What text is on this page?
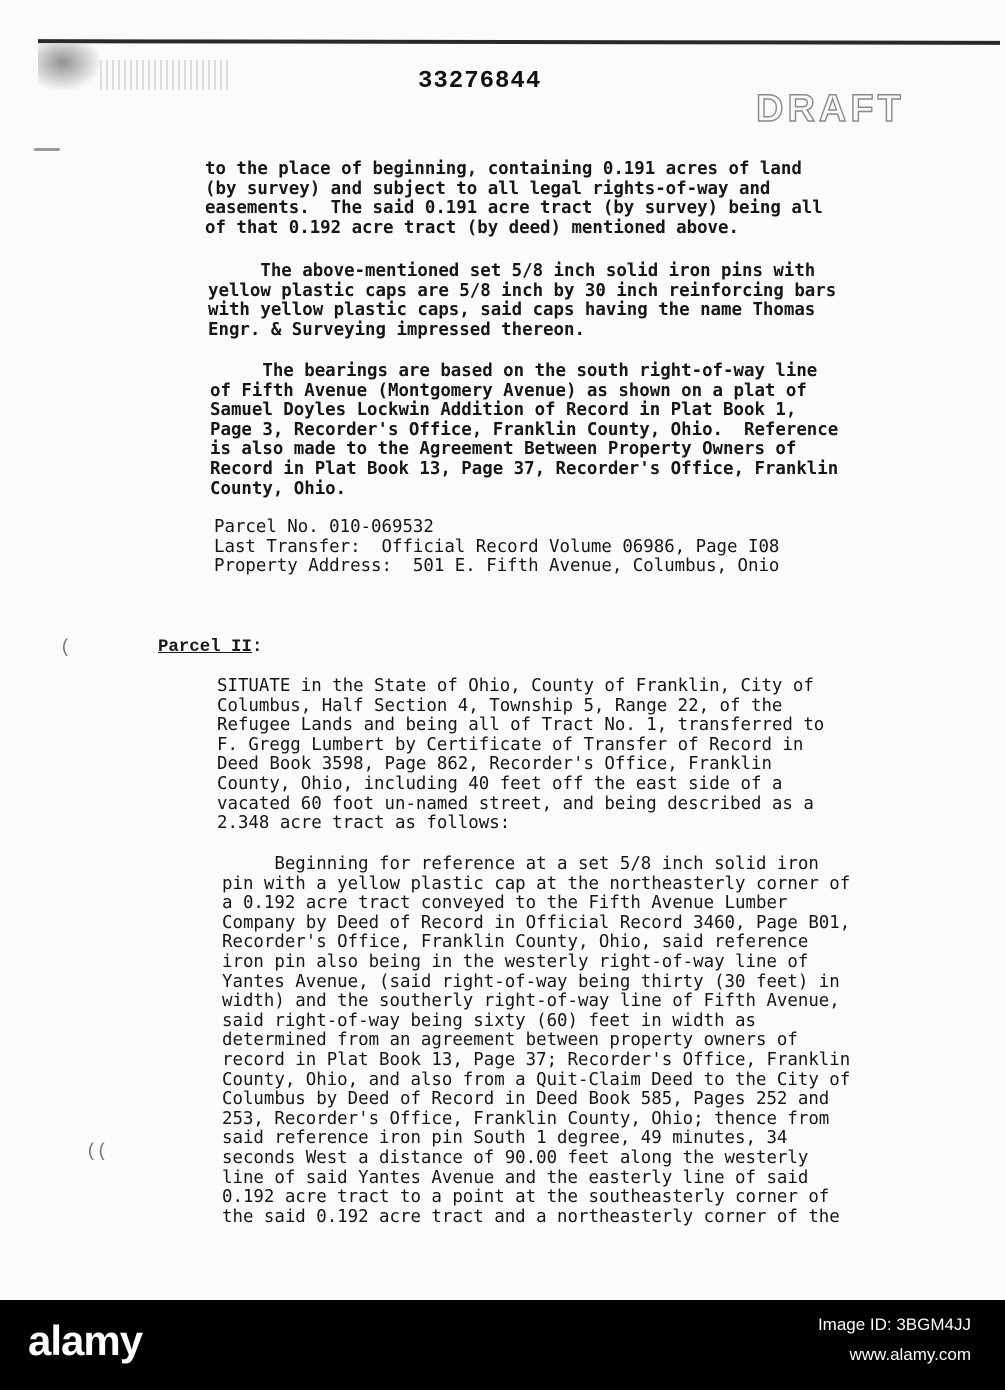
(
((
33276844
DRAFT
to the place of beginning, containing 0.191 acres of land
(by survey) and subject to all legal rights-of-way and
easements.  The said 0.191 acre tract (by survey) being all
of that 0.192 acre tract (by deed) mentioned above.
The above-mentioned set 5/8 inch solid iron pins with
yellow plastic caps are 5/8 inch by 30 inch reinforcing bars
with yellow plastic caps, said caps having the name Thomas
Engr. & Surveying impressed thereon.
The bearings are based on the south right-of-way line
of Fifth Avenue (Montgomery Avenue) as shown on a plat of
Samuel Doyles Lockwin Addition of Record in Plat Book 1,
Page 3, Recorder's Office, Franklin County, Ohio.  Reference
is also made to the Agreement Between Property Owners of
Record in Plat Book 13, Page 37, Recorder's Office, Franklin
County, Ohio.
Parcel No. 010-069532
Last Transfer:  Official Record Volume 06986, Page I08
Property Address:  501 E. Fifth Avenue, Columbus, Onio
Parcel II:
SITUATE in the State of Ohio, County of Franklin, City of
Columbus, Half Section 4, Township 5, Range 22, of the
Refugee Lands and being all of Tract No. 1, transferred to
F. Gregg Lumbert by Certificate of Transfer of Record in
Deed Book 3598, Page 862, Recorder's Office, Franklin
County, Ohio, including 40 feet off the east side of a
vacated 60 foot un-named street, and being described as a
2.348 acre tract as follows:
Beginning for reference at a set 5/8 inch solid iron
pin with a yellow plastic cap at the northeasterly corner of
a 0.192 acre tract conveyed to the Fifth Avenue Lumber
Company by Deed of Record in Official Record 3460, Page B01,
Recorder's Office, Franklin County, Ohio, said reference
iron pin also being in the westerly right-of-way line of
Yantes Avenue, (said right-of-way being thirty (30 feet) in
width) and the southerly right-of-way line of Fifth Avenue,
said right-of-way being sixty (60) feet in width as
determined from an agreement between property owners of
record in Plat Book 13, Page 37; Recorder's Office, Franklin
County, Ohio, and also from a Quit-Claim Deed to the City of
Columbus by Deed of Record in Deed Book 585, Pages 252 and
253, Recorder's Office, Franklin County, Ohio; thence from
said reference iron pin South 1 degree, 49 minutes, 34
seconds West a distance of 90.00 feet along the westerly
line of said Yantes Avenue and the easterly line of said
0.192 acre tract to a point at the southeasterly corner of
the said 0.192 acre tract and a northeasterly corner of the
alamy	Image ID: 3BGM4JJ
www.alamy.com
